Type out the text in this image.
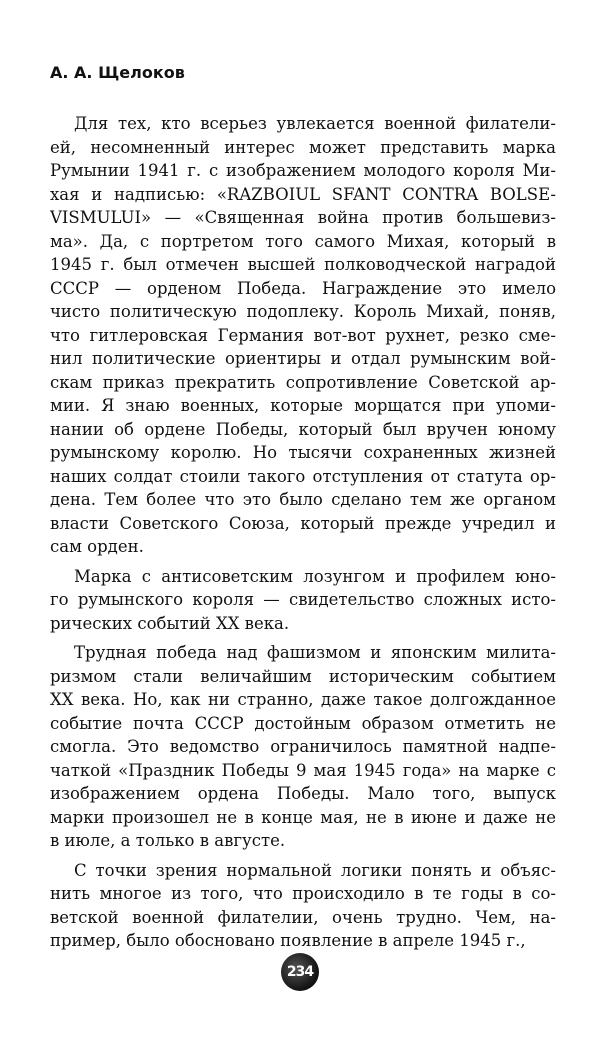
А. А. Щелоков
Для тех, кто всерьез увлекается военной филатели-
ей, несомненный интерес может представить марка
Румынии 1941 г. с изображением молодого короля Ми-
хая и надписью: «RAZBOIUL SFANT CONTRA BOLSE-
VISMULUI» — «Священная война против большевиз-
ма». Да, с портретом того самого Михая, который в
1945 г. был отмечен высшей полководческой наградой
СССР — орденом Победа. Награждение это имело
чисто политическую подоплеку. Король Михай, поняв,
что гитлеровская Германия вот-вот рухнет, резко сме-
нил политические ориентиры и отдал румынским вой-
скам приказ прекратить сопротивление Советской ар-
мии. Я знаю военных, которые морщатся при упоми-
нании об ордене Победы, который был вручен юному
румынскому королю. Но тысячи сохраненных жизней
наших солдат стоили такого отступления от статута ор-
дена. Тем более что это было сделано тем же органом
власти Советского Союза, который прежде учредил и
сам орден.
Марка с антисоветским лозунгом и профилем юно-
го румынского короля — свидетельство сложных исто-
рических событий XX века.
Трудная победа над фашизмом и японским милита-
ризмом стали величайшим историческим событием
XX века. Но, как ни странно, даже такое долгожданное
событие почта СССР достойным образом отметить не
смогла. Это ведомство ограничилось памятной надпе-
чаткой «Праздник Победы 9 мая 1945 года» на марке с
изображением ордена Победы. Мало того, выпуск
марки произошел не в конце мая, не в июне и даже не
в июле, а только в августе.
С точки зрения нормальной логики понять и объяс-
нить многое из того, что происходило в те годы в со-
ветской военной филателии, очень трудно. Чем, на-
пример, было обосновано появление в апреле 1945 г.,
234
